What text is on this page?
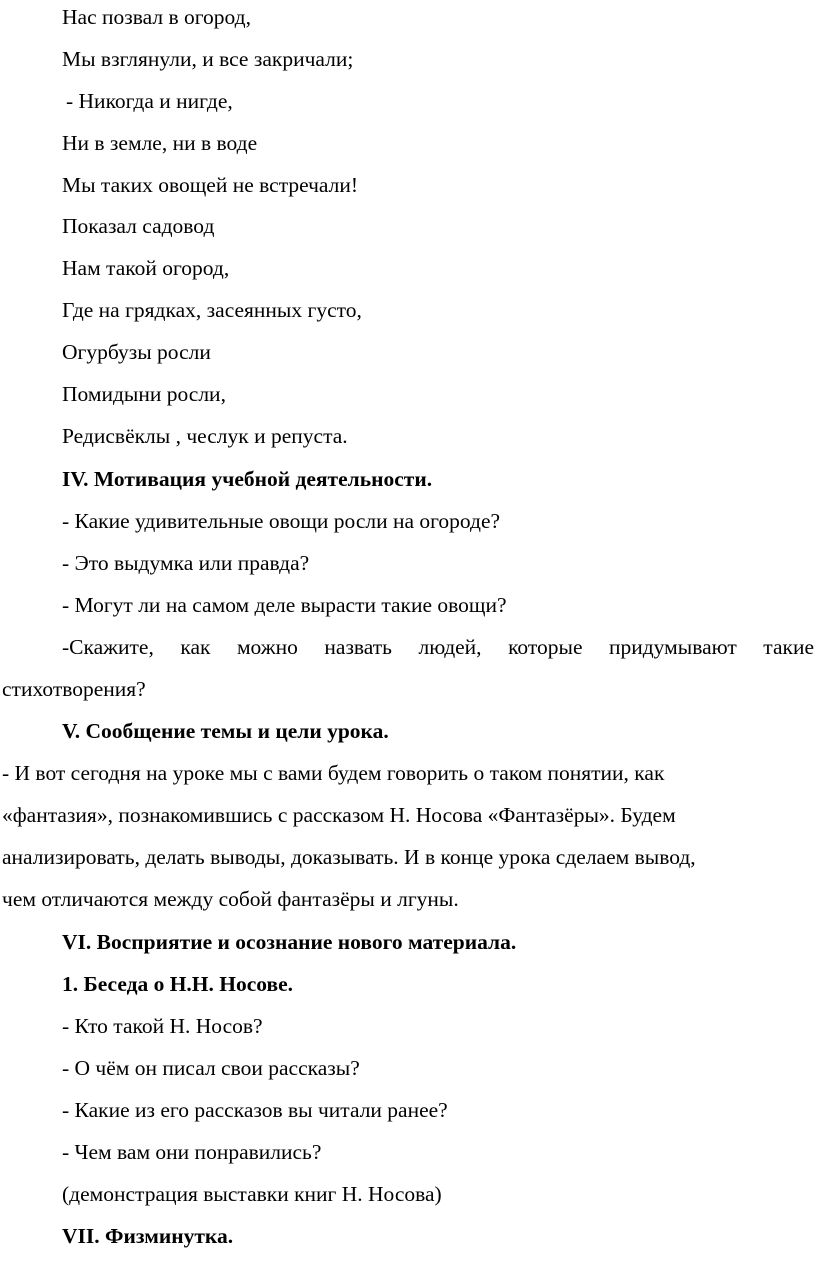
Нас позвал в огород,
Мы взглянули, и все закричали;
- Никогда и нигде,
Ни в земле, ни в воде
Мы таких овощей не встречали!
Показал садовод
Нам такой огород,
Где на грядках, засеянных густо,
Огурбузы росли
Помидыни росли,
Редисвёклы , чеслук и репуста.
IV. Мотивация учебной деятельности.
- Какие удивительные овощи росли на огороде?
- Это выдумка или правда?
- Могут ли на самом деле вырасти такие овощи?
-Скажите, как можно назвать людей, которые придумывают такие
стихотворения?
V. Сообщение темы и цели урока.
- И вот сегодня на уроке мы с вами будем говорить о таком понятии, как
«фантазия», познакомившись с рассказом Н. Носова «Фантазёры». Будем
анализировать, делать выводы, доказывать. И в конце урока сделаем вывод,
чем отличаются между собой фантазёры и лгуны.
VI. Восприятие и осознание нового материала.
1. Беседа о Н.Н. Носове.
- Кто такой Н. Носов?
- О чём он писал свои рассказы?
- Какие из его рассказов вы читали ранее?
- Чем вам они понравились?
(демонстрация выставки книг Н. Носова)
VII. Физминутка.
